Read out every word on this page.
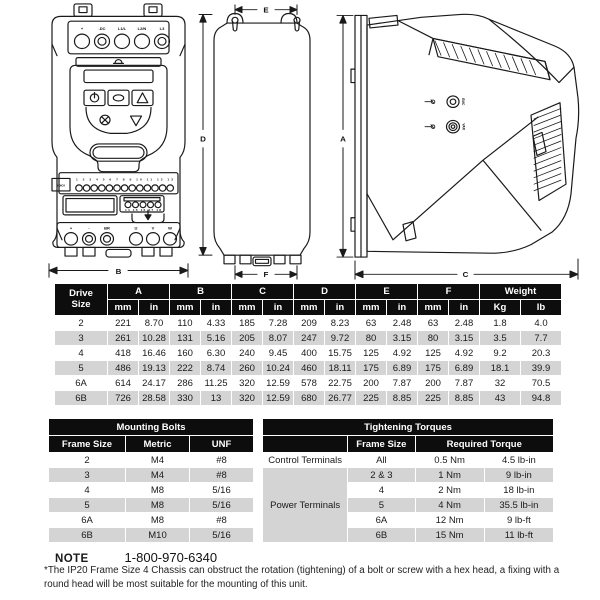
+	-DC	L1/L	L2/N	L3
1 2 3 4 5 6 7 8 9 10 11 12 13
IOIOI
14 15 16 17 18
+	-	BR	U	V	W
B
E
D
F
EMC
VAR
A
C
Drive Size	A		B		C		D		E		F		Weight	
	mm	in	mm	in	mm	in	mm	in	mm	in	mm	in	Kg	lb
2	221	8.70	110	4.33	185	7.28	209	8.23	63	2.48	63	2.48	1.8	4.0
3	261	10.28	131	5.16	205	8.07	247	9.72	80	3.15	80	3.15	3.5	7.7
4	418	16.46	160	6.30	240	9.45	400	15.75	125	4.92	125	4.92	9.2	20.3
5	486	19.13	222	8.74	260	10.24	460	18.11	175	6.89	175	6.89	18.1	39.9
6A	614	24.17	286	11.25	320	12.59	578	22.75	200	7.87	200	7.87	32	70.5
6B	726	28.58	330	13	320	12.59	680	26.77	225	8.85	225	8.85	43	94.8
Mounting Bolts		
Frame Size	Metric	UNF
2	M4	#8
3	M4	#8
4	M8	5/16
5	M8	5/16
6A	M8	#8
6B	M10	5/16
Tightening Torques			
	Frame Size	Required Torque	
Control Terminals	All	0.5 Nm	4.5 lb-in
Power Terminals	2 & 3	1 Nm	9 lb-in
	4	2 Nm	18 lb-in
	5	4 Nm	35.5 lb-in
	6A	12 Nm	9 lb-ft
	6B	15 Nm	11 lb-ft
NOTE	1-800-970-6340

*The IP20 Frame Size 4 Chassis can obstruct the rotation (tightening) of a bolt or screw with a hex head, a fixing with a round head will be most suitable for the mounting of this unit.
